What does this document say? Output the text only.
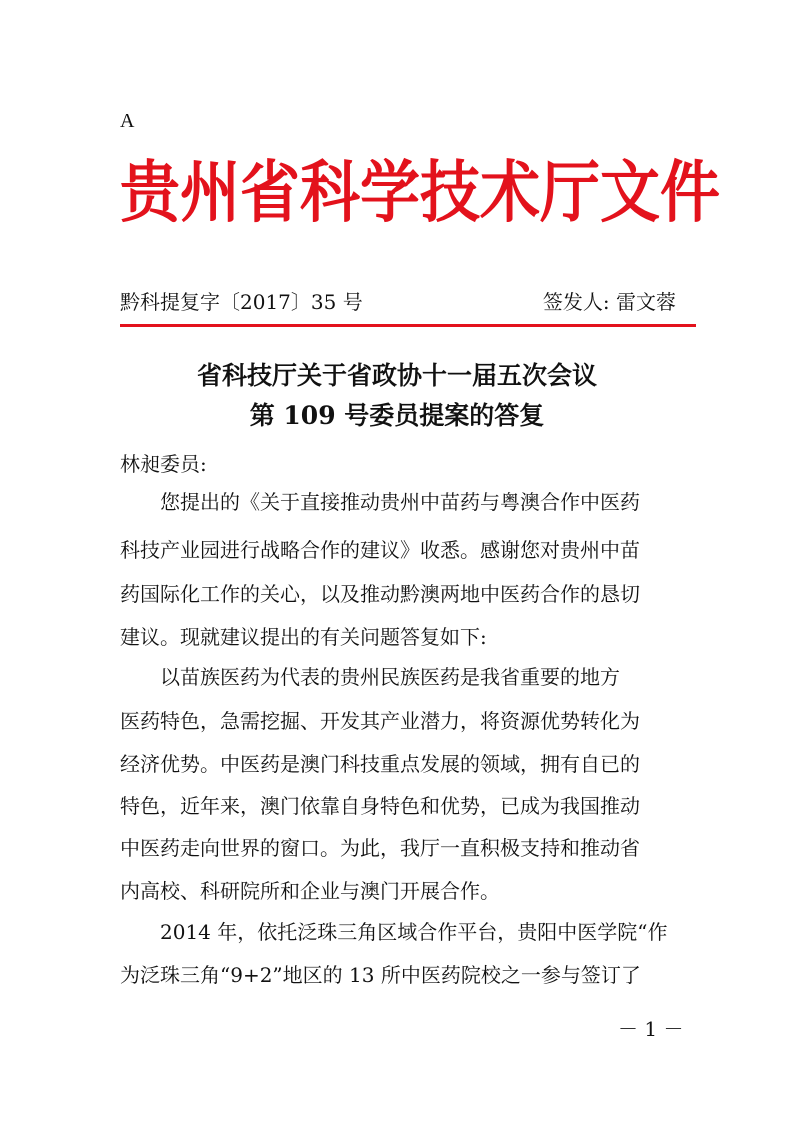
A
贵 州 省 科 学 技 术 厅 文 件
黔科提复字〔2017〕35 号	签发人: 雷文蓉
省科技厅关于省政协十一届五次会议
第 109 号委员提案的答复
林昶委员:
您提出的《关于直接推动贵州中苗药与粤澳合作中医药
科技产业园进行战略合作的建议》收悉。感谢您对贵州中苗
药国际化工作的关心，以及推动黔澳两地中医药合作的恳切
建议。现就建议提出的有关问题答复如下:
以苗族医药为代表的贵州民族医药是我省重要的地方
医药特色，急需挖掘、开发其产业潜力，将资源优势转化为
经济优势。中医药是澳门科技重点发展的领域，拥有自已的
特色，近年来，澳门依靠自身特色和优势，已成为我国推动
中医药走向世界的窗口。为此，我厅一直积极支持和推动省
内高校、科研院所和企业与澳门开展合作。
2014 年，依托泛珠三角区域合作平台，贵阳中医学院“作
为泛珠三角“9+2”地区的 13 所中医药院校之一参与签订了
－ 1 －
